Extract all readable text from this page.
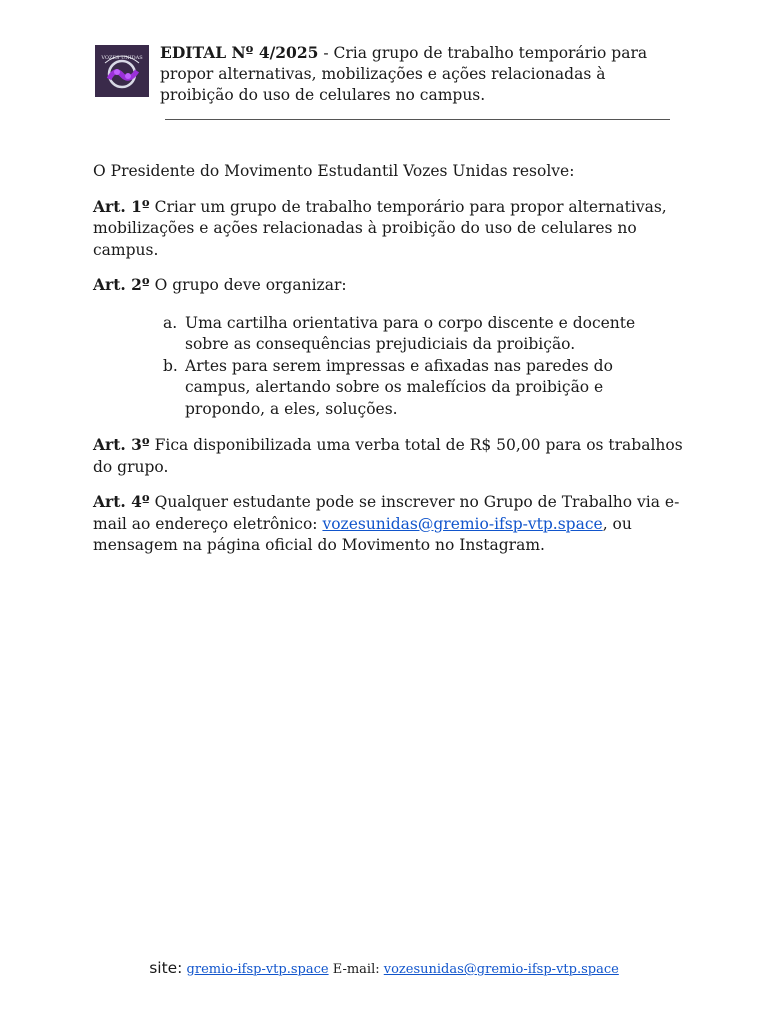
VOZES UNIDAS EDITAL Nº 4/2025 - Cria grupo de trabalho temporário para propor alternativas, mobilizações e ações relacionadas à proibição do uso de celulares no campus.

O Presidente do Movimento Estudantil Vozes Unidas resolve:

Art. 1º Criar um grupo de trabalho temporário para propor alternativas, mobilizações e ações relacionadas à proibição do uso de celulares no campus.

Art. 2º O grupo deve organizar:

a. Uma cartilha orientativa para o corpo discente e docente sobre as consequências prejudiciais da proibição.
b. Artes para serem impressas e afixadas nas paredes do campus, alertando sobre os malefícios da proibição e propondo, a eles, soluções.

Art. 3º Fica disponibilizada uma verba total de R$ 50,00 para os trabalhos do grupo.

Art. 4º Qualquer estudante pode se inscrever no Grupo de Trabalho via e-mail ao endereço eletrônico: vozesunidas@gremio-ifsp-vtp.space, ou mensagem na página oficial do Movimento no Instagram.

site: gremio-ifsp-vtp.space E-mail: vozesunidas@gremio-ifsp-vtp.space
